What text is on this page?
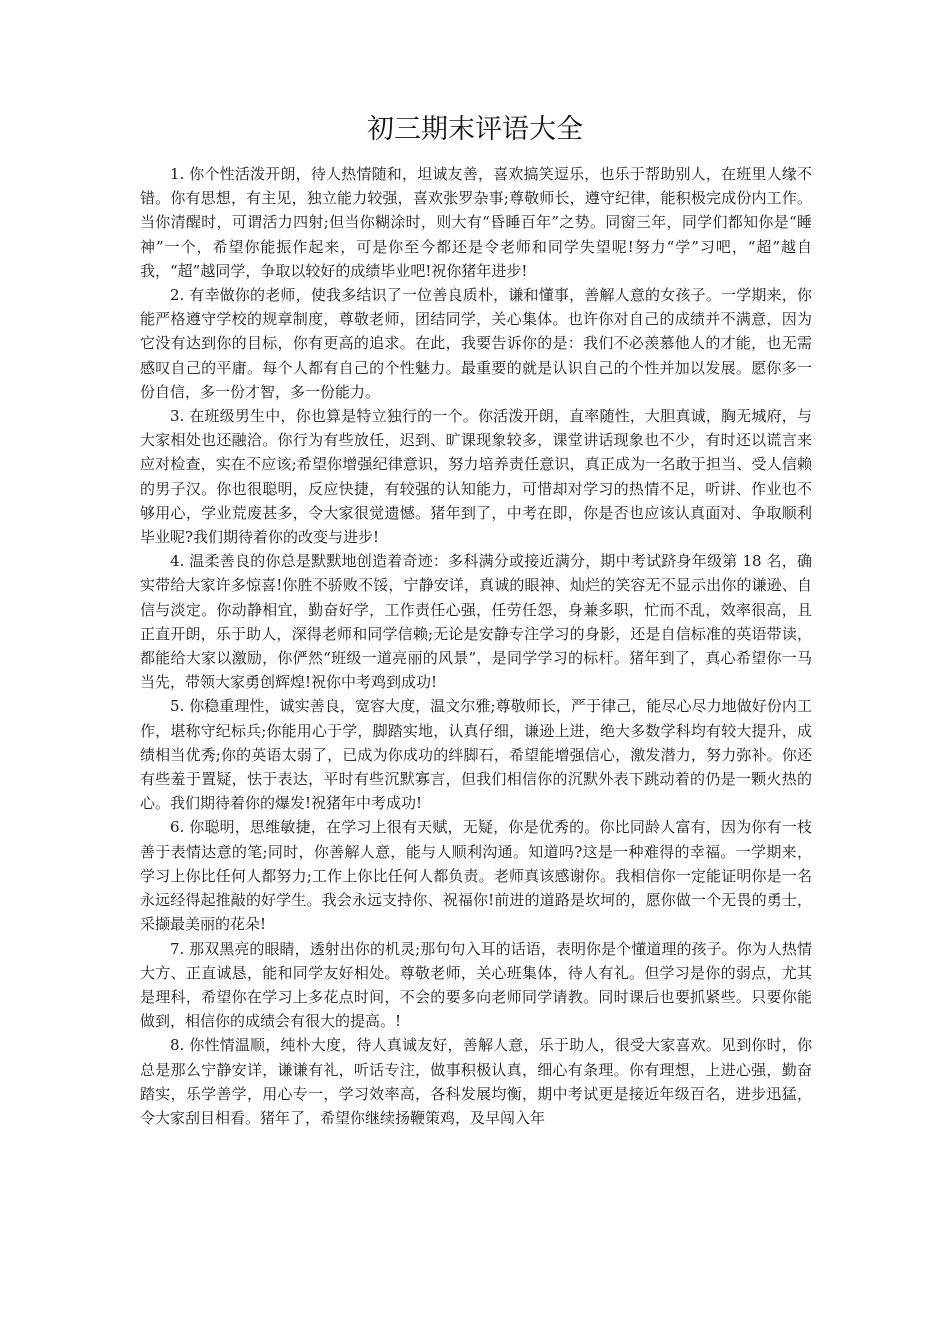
初三期末评语大全

1. 你个性活泼开朗，待人热情随和，坦诚友善，喜欢搞笑逗乐，也乐于帮助别人，在班里人缘不错。你有思想，有主见，独立能力较强，喜欢张罗杂事;尊敬师长，遵守纪律，能积极完成份内工作。当你清醒时，可谓活力四射;但当你糊涂时，则大有“昏睡百年”之势。同窗三年，同学们都知你是“睡神”一个，希望你能振作起来，可是你至今都还是令老师和同学失望呢!努力“学”习吧，“超”越自我，“超”越同学，争取以较好的成绩毕业吧!祝你猪年进步!

2. 有幸做你的老师，使我多结识了一位善良质朴，谦和懂事，善解人意的女孩子。一学期来，你能严格遵守学校的规章制度，尊敬老师，团结同学，关心集体。也许你对自己的成绩并不满意，因为它没有达到你的目标，你有更高的追求。在此，我要告诉你的是：我们不必羡慕他人的才能，也无需感叹自己的平庸。每个人都有自己的个性魅力。最重要的就是认识自己的个性并加以发展。愿你多一份自信，多一份才智，多一份能力。

3. 在班级男生中，你也算是特立独行的一个。你活泼开朗，直率随性，大胆真诚，胸无城府，与大家相处也还融洽。你行为有些放任，迟到、旷课现象较多，课堂讲话现象也不少，有时还以谎言来应对检查，实在不应该;希望你增强纪律意识，努力培养责任意识，真正成为一名敢于担当、受人信赖的男子汉。你也很聪明，反应快捷，有较强的认知能力，可惜却对学习的热情不足，听讲、作业也不够用心，学业荒废甚多，令大家很觉遗憾。猪年到了，中考在即，你是否也应该认真面对、争取顺利毕业呢?我们期待着你的改变与进步!

4. 温柔善良的你总是默默地创造着奇迹：多科满分或接近满分，期中考试跻身年级第 18 名，确实带给大家许多惊喜!你胜不骄败不馁，宁静安详，真诚的眼神、灿烂的笑容无不显示出你的谦逊、自信与淡定。你动静相宜，勤奋好学，工作责任心强，任劳任怨，身兼多职，忙而不乱，效率很高，且正直开朗，乐于助人，深得老师和同学信赖;无论是安静专注学习的身影，还是自信标准的英语带读，都能给大家以激励，你俨然“班级一道亮丽的风景”，是同学学习的标杆。猪年到了，真心希望你一马当先，带领大家勇创辉煌!祝你中考鸡到成功!

5. 你稳重理性，诚实善良，宽容大度，温文尔雅;尊敬师长，严于律己，能尽心尽力地做好份内工作，堪称守纪标兵;你能用心于学，脚踏实地，认真仔细，谦逊上进，绝大多数学科均有较大提升，成绩相当优秀;你的英语太弱了，已成为你成功的绊脚石，希望能增强信心，激发潜力，努力弥补。你还有些羞于置疑，怯于表达，平时有些沉默寡言，但我们相信你的沉默外表下跳动着的仍是一颗火热的心。我们期待着你的爆发!祝猪年中考成功!

6. 你聪明，思维敏捷，在学习上很有天赋，无疑，你是优秀的。你比同龄人富有，因为你有一枝善于表情达意的笔;同时，你善解人意，能与人顺利沟通。知道吗?这是一种难得的幸福。一学期来，学习上你比任何人都努力;工作上你比任何人都负责。老师真该感谢你。我相信你一定能证明你是一名永远经得起推敲的好学生。我会永远支持你、祝福你!前进的道路是坎坷的，愿你做一个无畏的勇士，采撷最美丽的花朵!

7. 那双黑亮的眼睛，透射出你的机灵;那句句入耳的话语，表明你是个懂道理的孩子。你为人热情大方、正直诚恳，能和同学友好相处。尊敬老师，关心班集体，待人有礼。但学习是你的弱点，尤其是理科，希望你在学习上多花点时间，不会的要多向老师同学请教。同时课后也要抓紧些。只要你能做到，相信你的成绩会有很大的提高。!

8. 你性情温顺，纯朴大度，待人真诚友好，善解人意，乐于助人，很受大家喜欢。见到你时，你总是那么宁静安详，谦谦有礼，听话专注，做事积极认真，细心有条理。你有理想，上进心强，勤奋踏实，乐学善学，用心专一，学习效率高，各科发展均衡，期中考试更是接近年级百名，进步迅猛，令大家刮目相看。猪年了，希望你继续扬鞭策鸡，及早闯入年
